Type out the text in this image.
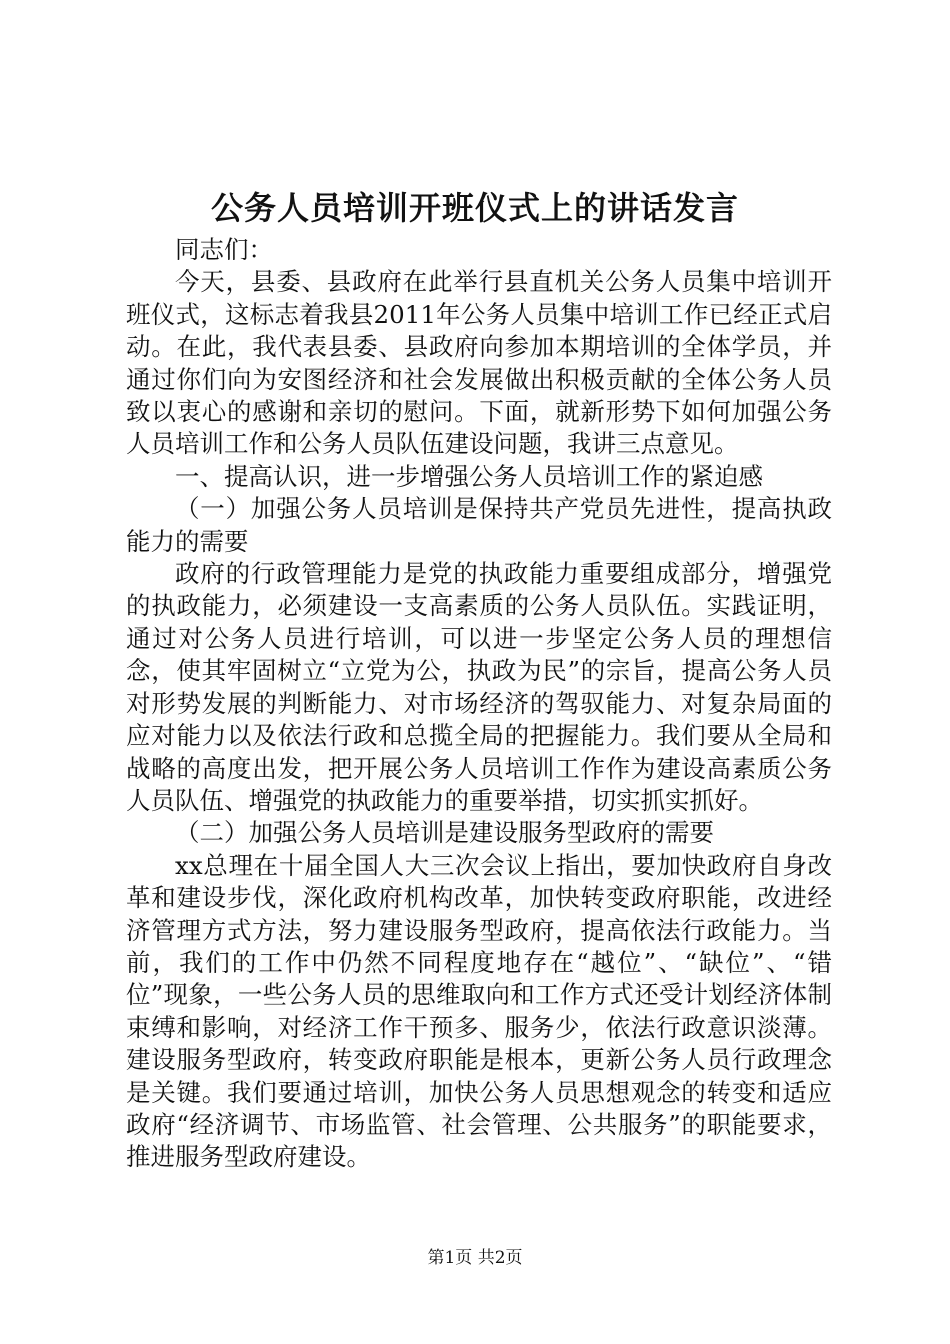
公务人员培训开班仪式上的讲话发言

同志们：

今天，县委、县政府在此举行县直机关公务人员集中培训开班仪式，这标志着我县2011年公务人员集中培训工作已经正式启动。在此，我代表县委、县政府向参加本期培训的全体学员，并通过你们向为安图经济和社会发展做出积极贡献的全体公务人员致以衷心的感谢和亲切的慰问。下面，就新形势下如何加强公务人员培训工作和公务人员队伍建设问题，我讲三点意见。

一、提高认识，进一步增强公务人员培训工作的紧迫感

（一）加强公务人员培训是保持共产党员先进性，提高执政能力的需要

政府的行政管理能力是党的执政能力重要组成部分，增强党的执政能力，必须建设一支高素质的公务人员队伍。实践证明，通过对公务人员进行培训，可以进一步坚定公务人员的理想信念，使其牢固树立“立党为公，执政为民”的宗旨，提高公务人员对形势发展的判断能力、对市场经济的驾驭能力、对复杂局面的应对能力以及依法行政和总揽全局的把握能力。我们要从全局和战略的高度出发，把开展公务人员培训工作作为建设高素质公务人员队伍、增强党的执政能力的重要举措，切实抓实抓好。

（二）加强公务人员培训是建设服务型政府的需要

xx总理在十届全国人大三次会议上指出，要加快政府自身改革和建设步伐，深化政府机构改革，加快转变政府职能，改进经济管理方式方法，努力建设服务型政府，提高依法行政能力。当前，我们的工作中仍然不同程度地存在“越位”、“缺位”、“错位”现象，一些公务人员的思维取向和工作方式还受计划经济体制束缚和影响，对经济工作干预多、服务少，依法行政意识淡薄。建设服务型政府，转变政府职能是根本，更新公务人员行政理念是关键。我们要通过培训，加快公务人员思想观念的转变和适应政府“经济调节、市场监管、社会管理、公共服务”的职能要求，推进服务型政府建设。

第1页 共2页
